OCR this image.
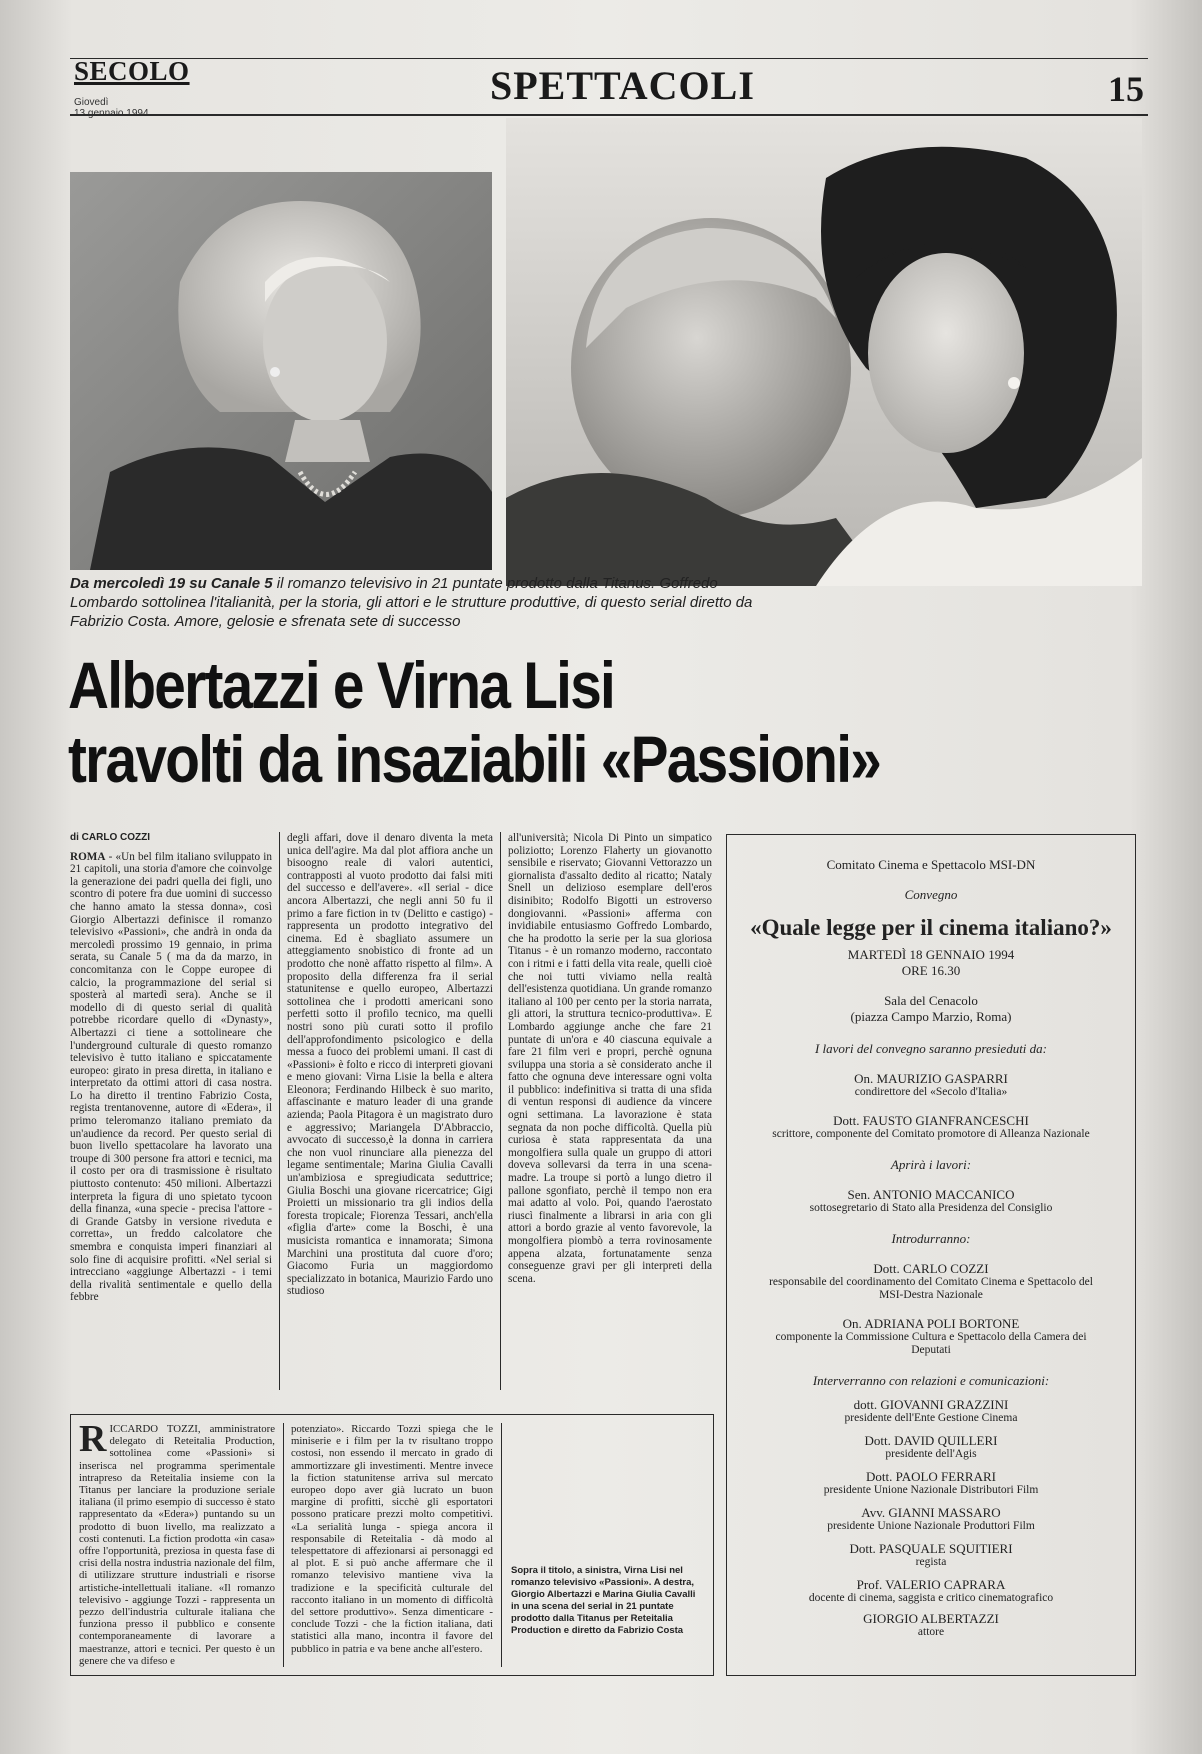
SECOLO
Giovedì	SPETTACOLI	15
Da mercoledì 19 su Canale 5 il romanzo televisivo in 21 puntate prodotto dalla Titanus. Goffredo Lombardo sottolinea l'italianità, per la storia, gli attori e le strutture produttive, di questo serial diretto da Fabrizio Costa. Amore, gelosie e sfrenata sete di successo
Albertazzi e Virna Lisi
travolti da insaziabili «Passioni»
di CARLO COZZI

ROMA - «Un bel film italiano sviluppato in 21 capitoli, una storia d'amore che coinvolge la generazione dei padri quella dei figli, uno scontro di potere fra due uomini di successo che hanno amato la stessa donna», così Giorgio Albertazzi definisce il romanzo televisivo «Passioni», che andrà in onda da mercoledì prossimo 19 gennaio, in prima serata, su Canale 5 ( ma da da marzo, in concomitanza con le Coppe europee di calcio, la programmazione del serial si sposterà al martedì sera). Anche se il modello di di questo serial di qualità potrebbe ricordare quello di «Dynasty», Albertazzi ci tiene a sottolineare che l'underground culturale di questo romanzo televisivo è tutto italiano e spiccatamente europeo: girato in presa diretta, in italiano e interpretato da ottimi attori di casa nostra. Lo ha diretto il trentino Fabrizio Costa, regista trentanovenne, autore di «Edera», il primo teleromanzo italiano premiato da un'audience da record. Per questo serial di buon livello spettacolare ha lavorato una troupe di 300 persone fra attori e tecnici, ma il costo per ora di trasmissione è risultato piuttosto contenuto: 450 milioni. Albertazzi interpreta la figura di uno spietato tycoon della finanza, «una specie - precisa l'attore - di Grande Gatsby in versione riveduta e corretta», un freddo calcolatore che smembra e conquista imperi finanziari al solo fine di acquisire profitti. «Nel serial si intrecciano «aggiunge Albertazzi - i temi della rivalità sentimentale e quello della febbre

degli affari, dove il denaro diventa la meta unica dell'agire. Ma dal plot affiora anche un bisoogno reale di valori autentici, contrapposti al vuoto prodotto dai falsi miti del successo e dell'avere». «Il serial - dice ancora Albertazzi, che negli anni 50 fu il primo a fare fiction in tv (Delitto e castigo) - rappresenta un prodotto integrativo del cinema. Ed è sbagliato assumere un atteggiamento snobistico di fronte ad un prodotto che nonè affatto rispetto al film». A proposito della differenza fra il serial statunitense e quello europeo, Albertazzi sottolinea che i prodotti americani sono perfetti sotto il profilo tecnico, ma quelli nostri sono più curati sotto il profilo dell'approfondimento psicologico e della messa a fuoco dei problemi umani. Il cast di «Passioni» è folto e ricco di interpreti giovani e meno giovani: Virna Lisie la bella e altera Eleonora; Ferdinando Hilbeck è suo marito, affascinante e maturo leader di una grande azienda; Paola Pitagora è un magistrato duro e aggressivo; Mariangela D'Abbraccio, avvocato di successo,è la donna in carriera che non vuol rinunciare alla pienezza del legame sentimentale; Marina Giulia Cavalli un'ambiziosa e spregiudicata seduttrice; Giulia Boschi una giovane ricercatrice; Gigi Proietti un missionario tra gli indios della foresta tropicale; Fiorenza Tessari, anch'ella «figlia d'arte» come la Boschi, è una musicista romantica e innamorata; Simona Marchini una prostituta dal cuore d'oro; Giacomo Furia un maggiordomo specializzato in botanica, Maurizio Fardo uno studioso

all'università; Nicola Di Pinto un simpatico poliziotto; Lorenzo Flaherty un giovanotto sensibile e riservato; Giovanni Vettorazzo un giornalista d'assalto dedito al ricatto; Nataly Snell un delizioso esemplare dell'eros disinibito; Rodolfo Bigotti un estroverso dongiovanni. «Passioni» afferma con invidiabile entusiasmo Goffredo Lombardo, che ha prodotto la serie per la sua gloriosa Titanus - è un romanzo moderno, raccontato con i ritmi e i fatti della vita reale, quelli cioè che noi tutti viviamo nella realtà dell'esistenza quotidiana. Un grande romanzo italiano al 100 per cento per la storia narrata, gli attori, la struttura tecnico-produttiva». E Lombardo aggiunge anche che fare 21 puntate di un'ora e 40 ciascuna equivale a fare 21 film veri e propri, perchè ognuna sviluppa una storia a sè considerato anche il fatto che ognuna deve interessare ogni volta il pubblico: indefinitiva si tratta di una sfida di ventun responsi di audience da vincere ogni settimana. La lavorazione è stata segnata da non poche difficoltà. Quella più curiosa è stata rappresentata da una mongolfiera sulla quale un gruppo di attori doveva sollevarsi da terra in una scena-madre. La troupe si portò a lungo dietro il pallone sgonfiato, perchè il tempo non era mai adatto al volo. Poi, quando l'aerostato riuscì finalmente a librarsi in aria con gli attori a bordo grazie al vento favorevole, la mongolfiera piombò a terra rovinosamente appena alzata, fortunatamente senza conseguenze gravi per gli interpreti della scena.

RICCARDO TOZZI, amministratore delegato di Reteitalia Production, sottolinea come «Passioni» si inserisca nel programma sperimentale intrapreso da Reteitalia insieme con la Titanus per lanciare la produzione seriale italiana (il primo esempio di successo è stato rappresentato da «Edera») puntando su un prodotto di buon livello, ma realizzato a costi contenuti. La fiction prodotta «in casa» offre l'opportunità, preziosa in questa fase di crisi della nostra industria nazionale del film, di utilizzare strutture industriali e risorse artistiche-intellettuali italiane. «Il romanzo televisivo - aggiunge Tozzi - rappresenta un pezzo dell'industria culturale italiana che funziona presso il pubblico e consente contemporaneamente di lavorare a maestranze, attori e tecnici. Per questo è un genere che va difeso e

potenziato». Riccardo Tozzi spiega che le miniserie e i film per la tv risultano troppo costosi, non essendo il mercato in grado di ammortizzare gli investimenti. Mentre invece la fiction statunitense arriva sul mercato europeo dopo aver già lucrato un buon margine di profitti, sicchè gli esportatori possono praticare prezzi molto competitivi. «La serialità lunga - spiega ancora il responsabile di Reteitalia - dà modo al telespettatore di affezionarsi ai personaggi ed al plot. E si può anche affermare che il romanzo televisivo mantiene viva la tradizione e la specificità culturale del racconto italiano in un momento di difficoltà del settore produttivo». Senza dimenticare - conclude Tozzi - che la fiction italiana, dati statistici alla mano, incontra il favore del pubblico in patria e va bene anche all'estero.

Sopra il titolo, a sinistra, Virna Lisi nel romanzo televisivo «Passioni». A destra, Giorgio Albertazzi e Marina Giulia Cavalli in una scena del serial in 21 puntate prodotto dalla Titanus per Reteitalia Production e diretto da Fabrizio Costa
Comitato Cinema e Spettacolo MSI-DN
Convegno
«Quale legge per il cinema italiano?»
MARTEDÌ 18 GENNAIO 1994
ORE 16.30
Sala del Cenacolo
(piazza Campo Marzio, Roma)
I lavori del convegno saranno presieduti da:
On. MAURIZIO GASPARRI
condirettore del «Secolo d'Italia»
Dott. FAUSTO GIANFRANCESCHI
scrittore, componente del Comitato promotore di Alleanza Nazionale
Aprirà i lavori:
Sen. ANTONIO MACCANICO
sottosegretario di Stato alla Presidenza del Consiglio
Introdurranno:
Dott. CARLO COZZI
responsabile del coordinamento del Comitato Cinema e Spettacolo del MSI-Destra Nazionale
On. ADRIANA POLI BORTONE
componente la Commissione Cultura e Spettacolo della Camera dei Deputati
Interverranno con relazioni e comunicazioni:
dott. GIOVANNI GRAZZINI
presidente dell'Ente Gestione Cinema
Dott. DAVID QUILLERI
presidente dell'Agis
Dott. PAOLO FERRARI
presidente Unione Nazionale Distributori Film
Avv. GIANNI MASSARO
presidente Unione Nazionale Produttori Film
Dott. PASQUALE SQUITIERI
regista
Prof. VALERIO CAPRARA
docente di cinema, saggista e critico cinematografico
GIORGIO ALBERTAZZI
attore
